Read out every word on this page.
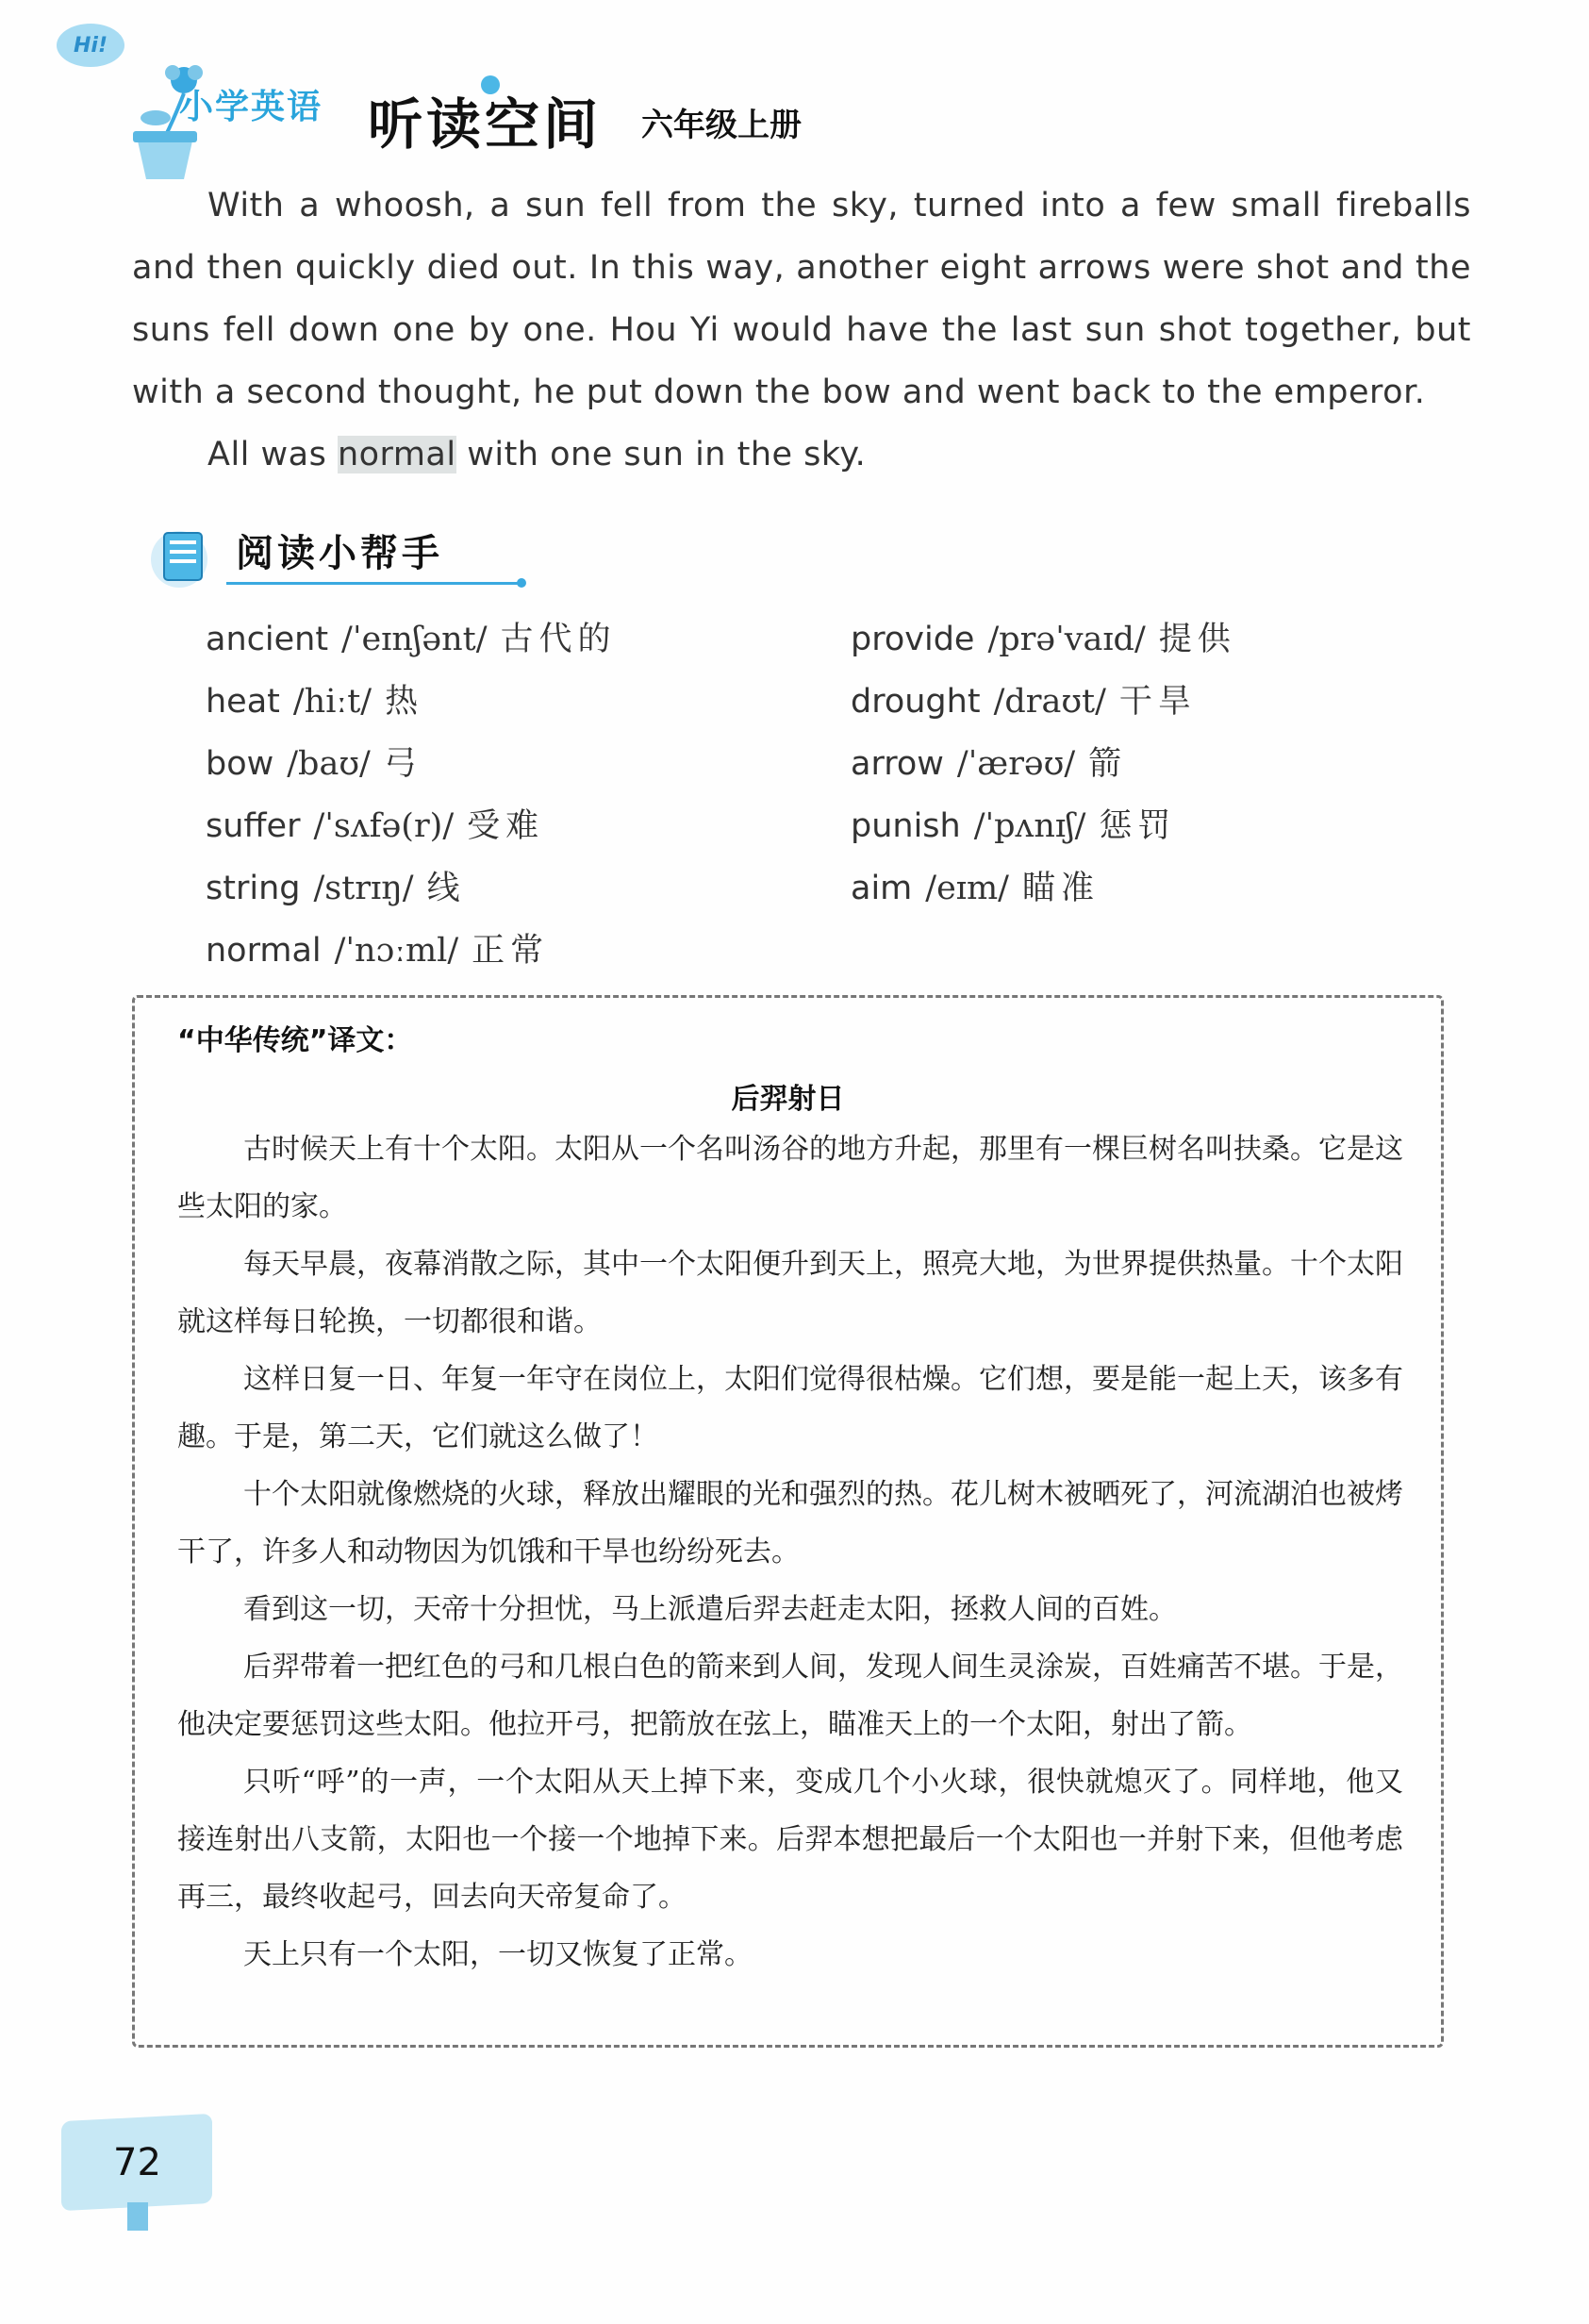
Hi!
小学英语 听读空间 六年级上册

With a whoosh, a sun fell from the sky, turned into a few small fireballs and then quickly died out. In this way, another eight arrows were shot and the suns fell down one by one. Hou Yi would have the last sun shot together, but with a second thought, he put down the bow and went back to the emperor.

All was normal with one sun in the sky.

阅读小帮手
ancient /ˈeɪnʃənt/ 古代的
heat /hiːt/ 热
bow /baʊ/ 弓
suffer /ˈsʌfə(r)/ 受难
string /strɪŋ/ 线
normal /ˈnɔːml/ 正常
provide /prəˈvaɪd/ 提供
drought /draʊt/ 干旱
arrow /ˈærəʊ/ 箭
punish /ˈpʌnɪʃ/ 惩罚
aim /eɪm/ 瞄准
“中华传统”译文：
后羿射日

古时候天上有十个太阳。太阳从一个名叫汤谷的地方升起，那里有一棵巨树名叫扶桑。它是这些太阳的家。

每天早晨，夜幕消散之际，其中一个太阳便升到天上，照亮大地，为世界提供热量。十个太阳就这样每日轮换，一切都很和谐。

这样日复一日、年复一年守在岗位上，太阳们觉得很枯燥。它们想，要是能一起上天，该多有趣。于是，第二天，它们就这么做了！

十个太阳就像燃烧的火球，释放出耀眼的光和强烈的热。花儿树木被晒死了，河流湖泊也被烤干了，许多人和动物因为饥饿和干旱也纷纷死去。

看到这一切，天帝十分担忧，马上派遣后羿去赶走太阳，拯救人间的百姓。

后羿带着一把红色的弓和几根白色的箭来到人间，发现人间生灵涂炭，百姓痛苦不堪。于是，他决定要惩罚这些太阳。他拉开弓，把箭放在弦上，瞄准天上的一个太阳，射出了箭。

只听“呼”的一声，一个太阳从天上掉下来，变成几个小火球，很快就熄灭了。同样地，他又接连射出八支箭，太阳也一个接一个地掉下来。后羿本想把最后一个太阳也一并射下来，但他考虑再三，最终收起弓，回去向天帝复命了。

天上只有一个太阳，一切又恢复了正常。

72
